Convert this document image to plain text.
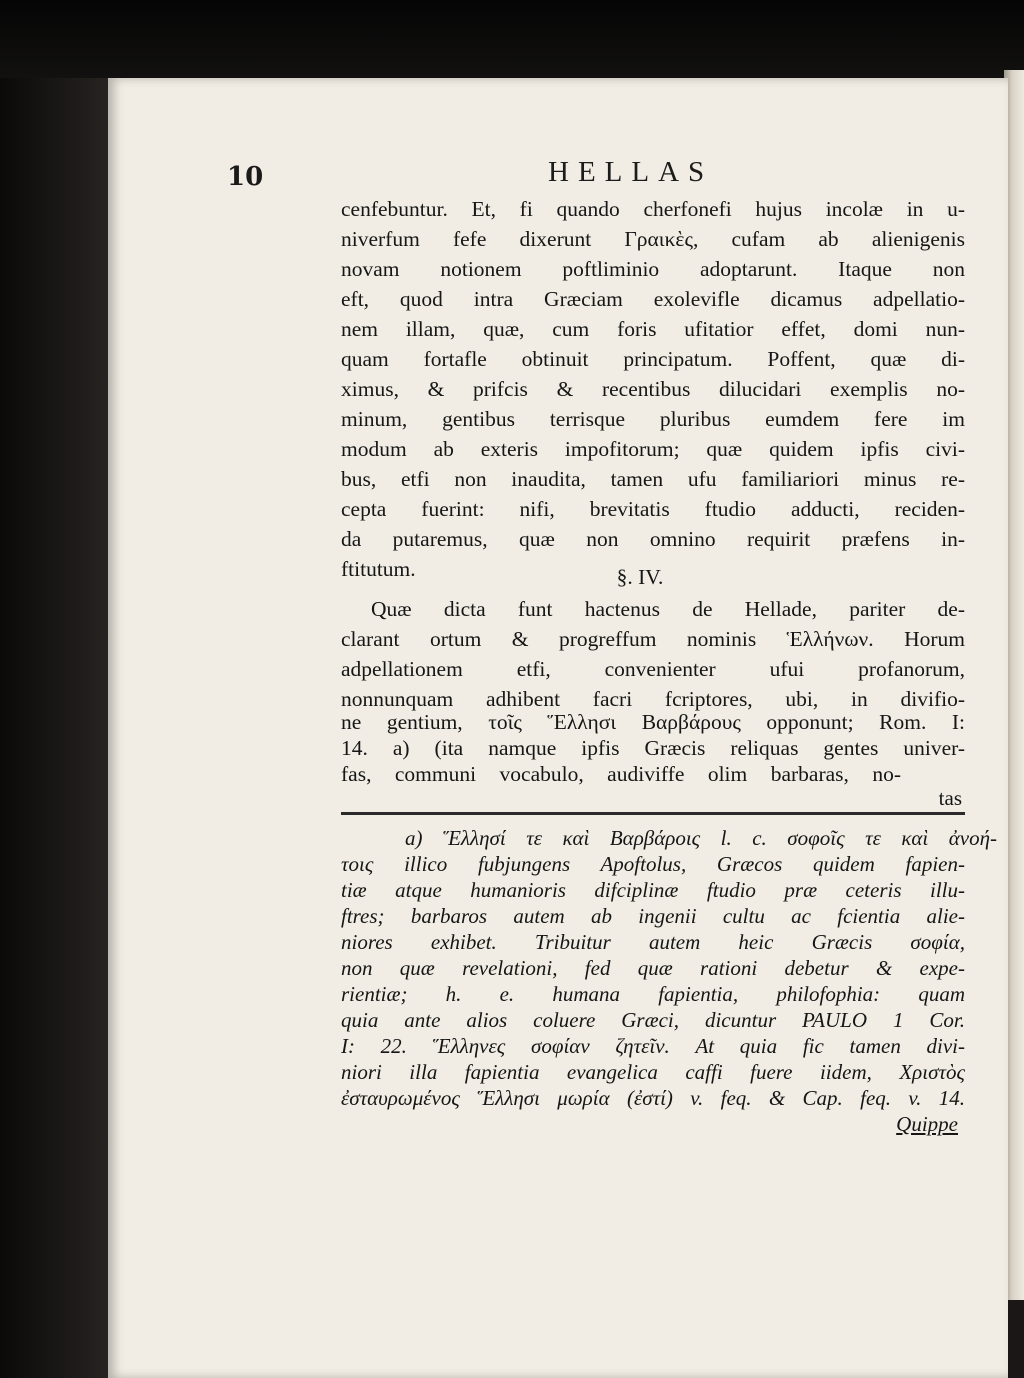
10	HELLAS
cenfebuntur. Et, fi quando cherfonefi hujus incolæ in u-
niverfum fefe dixerunt Γραικὲς, cufam ab alienigenis
novam notionem poftliminio adoptarunt. Itaque non
eft, quod intra Græciam exolevifle dicamus adpellatio-
nem illam, quæ, cum foris ufitatior effet, domi nun-
quam fortafle obtinuit principatum. Poffent, quæ di-
ximus, & prifcis & recentibus dilucidari exemplis no-
minum, gentibus terrisque pluribus eumdem fere im
modum ab exteris impofitorum; quæ quidem ipfis civi-
bus, etfi non inaudita, tamen ufu familiariori minus re-
cepta fuerint: nifi, brevitatis ftudio adducti, reciden-
da putaremus, quæ non omnino requirit præfens in-
ftitutum.	§. IV.
Quæ dicta funt hactenus de Hellade, pariter de-
clarant ortum & progreffum nominis Ἑλλήνων. Horum
adpellationem etfi, convenienter ufui profanorum,
nonnunquam adhibent facri fcriptores, ubi, in divifio-
ne gentium, τοῖς Ἕλλησι Βαρβάρους opponunt; Rom. I:
14. a) (ita namque ipfis Græcis reliquas gentes univer-
fas, communi vocabulo, audiviffe olim barbaras, no-
tas
a) Ἕλλησί τε καὶ Βαρβάροις l. c. σοφοῖς τε καὶ ἀνοή-
τοις illico fubjungens Apoftolus, Græcos quidem fapien-
tiæ atque humanioris difciplinæ ftudio præ ceteris illu-
ftres; barbaros autem ab ingenii cultu ac fcientia alie-
niores exhibet. Tribuitur autem heic Græcis σοφία,
non quæ revelationi, fed quæ rationi debetur & expe-
rientiæ; h. e. humana fapientia, philofophia: quam
quia ante alios coluere Græci, dicuntur PAULO 1 Cor.
I: 22. Ἕλληνες σοφίαν ζητεῖν. At quia fic tamen divi-
niori illa fapientia evangelica caffi fuere iidem, Χριστὸς
ἐσταυρωμένος Ἕλλησι μωρία (ἐστί) v. feq. & Cap. feq. v. 14.
Quippe
